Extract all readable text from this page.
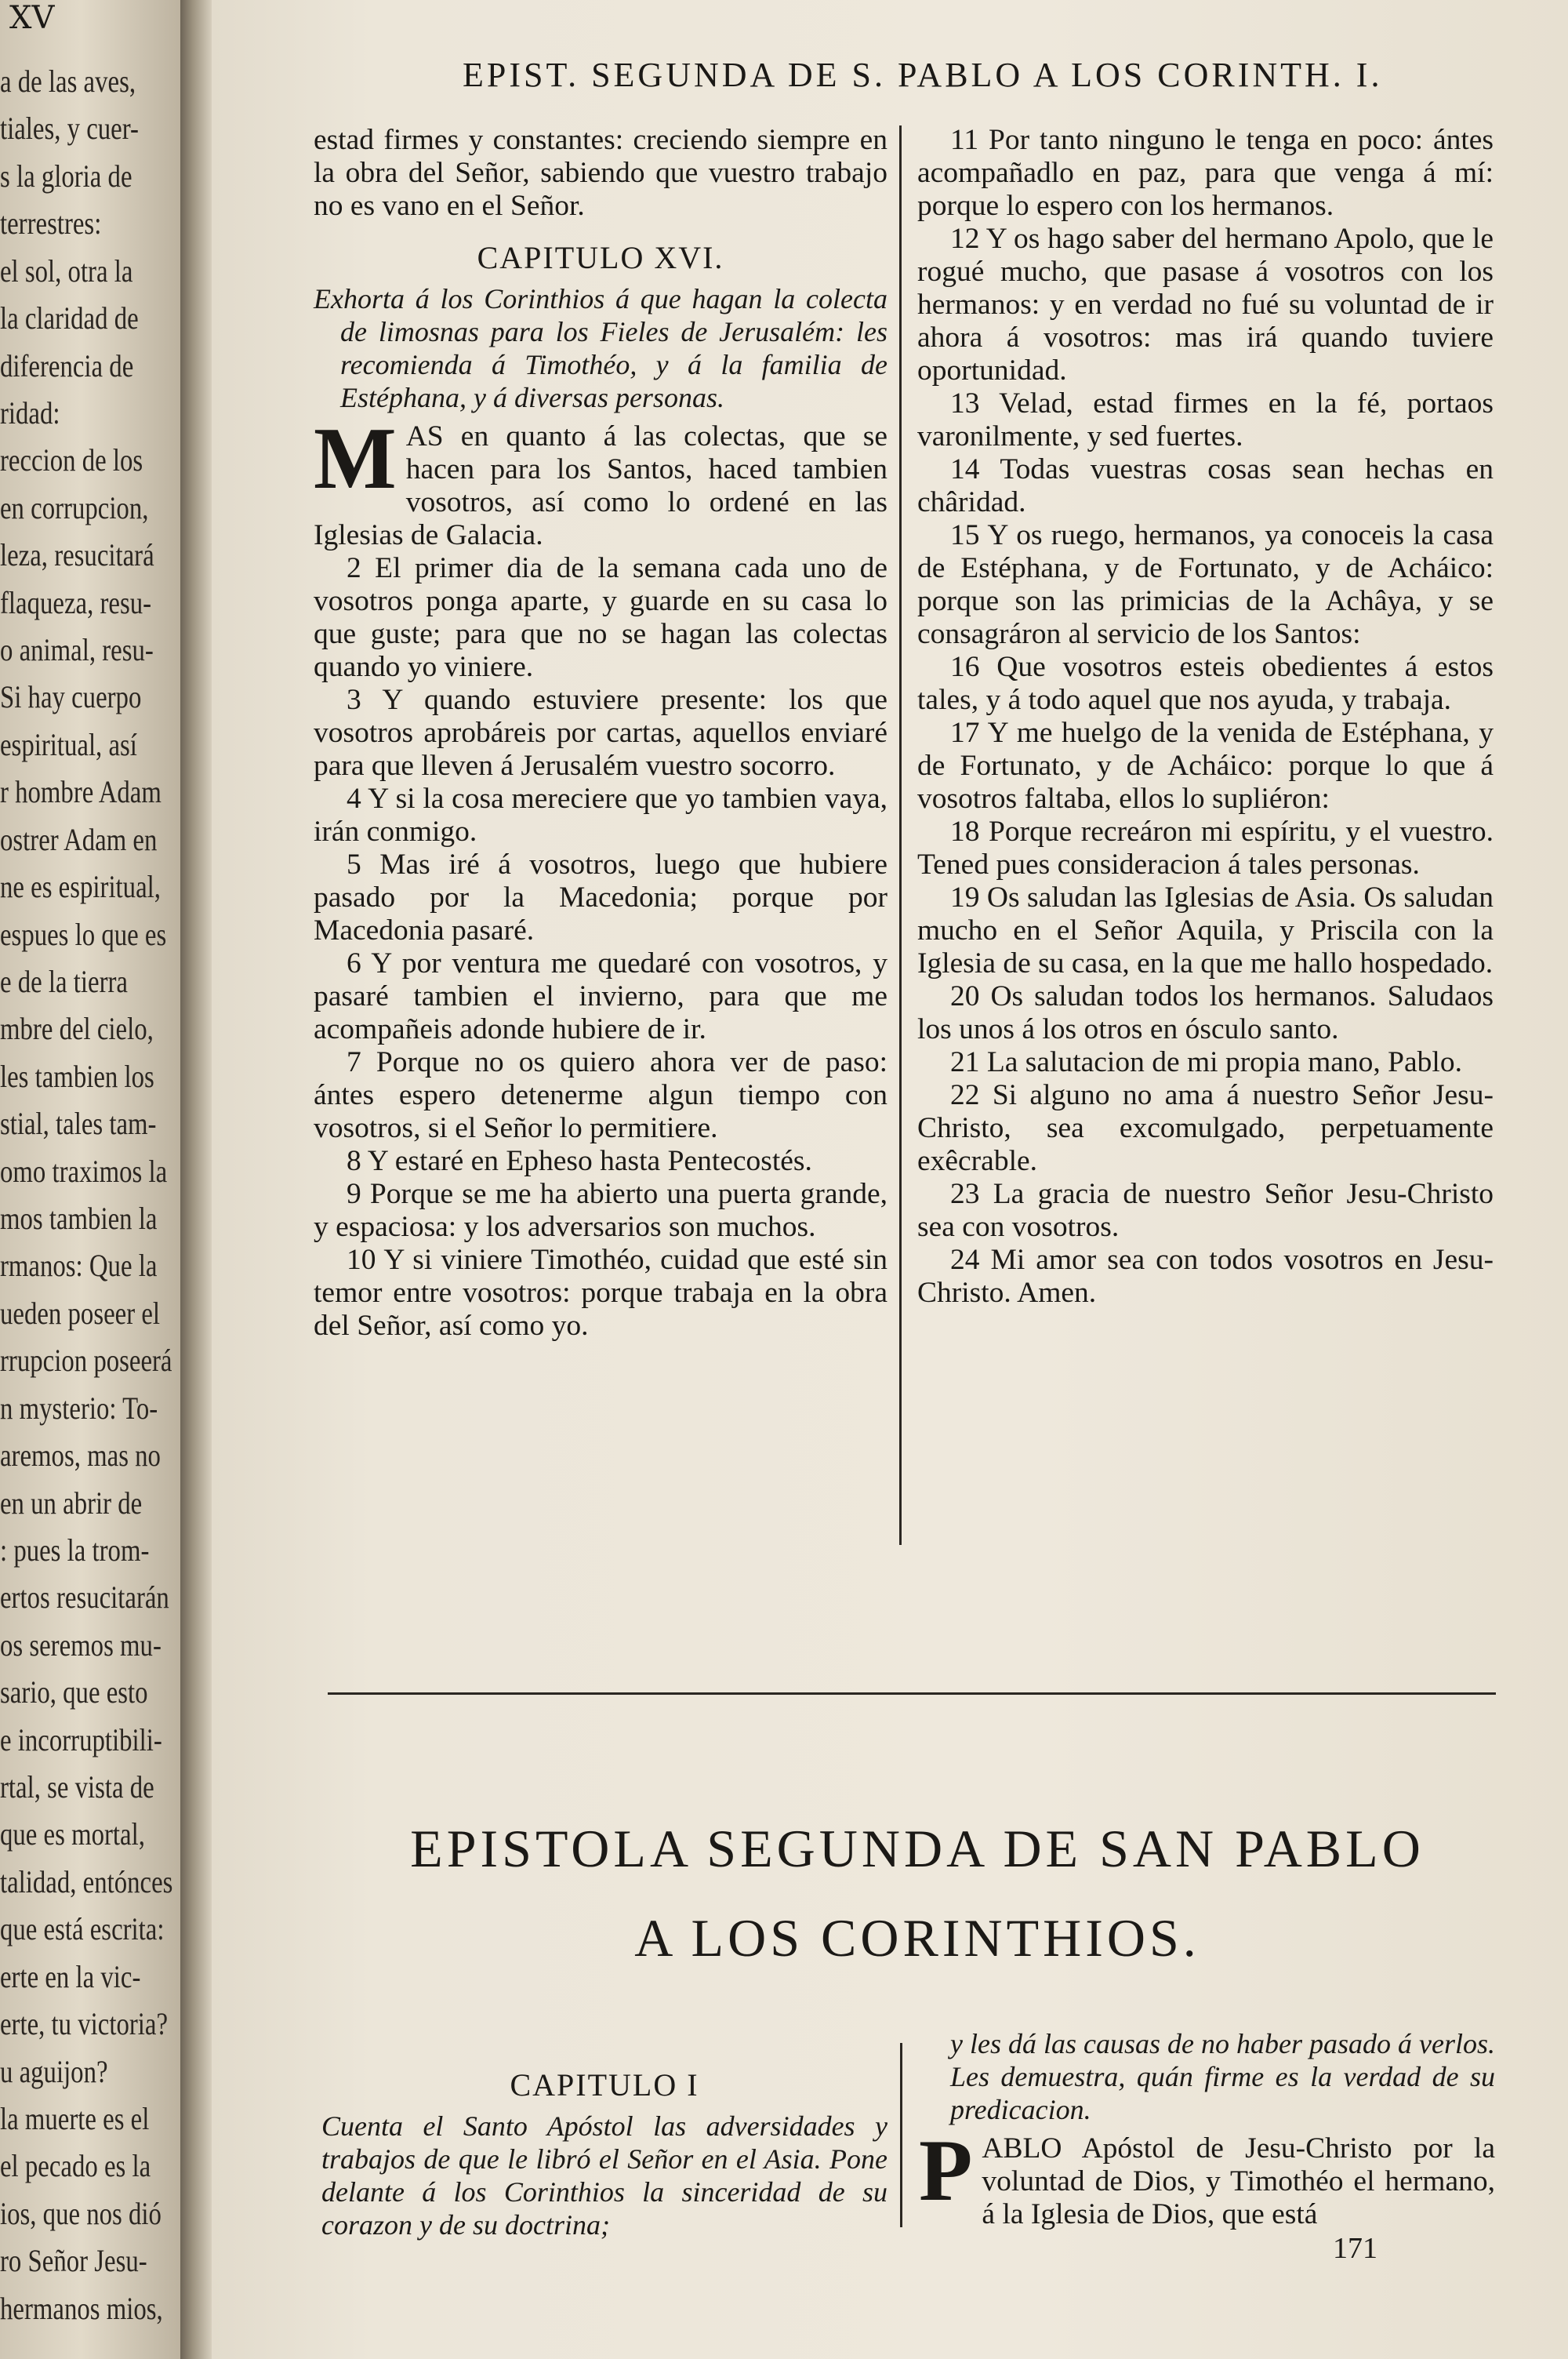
XV
a de las aves,
tiales, y cuer-
s la gloria de
terrestres:
el sol, otra la
la claridad de
diferencia de
ridad:
reccion de los
en corrupcion,
leza, resucitará
flaqueza, resu-
o animal, resu-
Si hay cuerpo
espiritual, así
r hombre Adam
ostrer Adam en
ne es espiritual,
espues lo que es
e de la tierra
mbre del cielo,
les tambien los
stial, tales tam-
omo traximos la
mos tambien la
rmanos: Que la
ueden poseer el
rrupcion poseerá
n mysterio: To-
aremos, mas no
en un abrir de
: pues la trom-
ertos resucitarán
os seremos mu-
sario, que esto
e incorruptibili-
rtal, se vista de
que es mortal,
talidad, entónces
que está escrita:
erte en la vic-
erte, tu victoria?
u aguijon?
la muerte es el
el pecado es la
ios, que nos dió
ro Señor Jesu-
hermanos mios,
EPIST. SEGUNDA DE S. PABLO A LOS CORINTH. I.

estad firmes y constantes: creciendo siempre en la obra del Señor, sabiendo que vuestro trabajo no es vano en el Señor.

CAPITULO XVI.

Exhorta á los Corinthios á que hagan la colecta de limosnas para los Fieles de Jerusalém: les recomienda á Timothéo, y á la familia de Estéphana, y á diversas personas.

MAS en quanto á las colectas, que se hacen para los Santos, haced tambien vosotros, así como lo ordené en las Iglesias de Galacia.

2 El primer dia de la semana cada uno de vosotros ponga aparte, y guarde en su casa lo que guste; para que no se hagan las colectas quando yo viniere.

3 Y quando estuviere presente: los que vosotros aprobáreis por cartas, aquellos enviaré para que lleven á Jerusalém vuestro socorro.

4 Y si la cosa mereciere que yo tambien vaya, irán conmigo.

5 Mas iré á vosotros, luego que hubiere pasado por la Macedonia; porque por Macedonia pasaré.

6 Y por ventura me quedaré con vosotros, y pasaré tambien el invierno, para que me acompañeis adonde hubiere de ir.

7 Porque no os quiero ahora ver de paso: ántes espero detenerme algun tiempo con vosotros, si el Señor lo permitiere.

8 Y estaré en Epheso hasta Pentecostés.

9 Porque se me ha abierto una puerta grande, y espaciosa: y los adversarios son muchos.

10 Y si viniere Timothéo, cuidad que esté sin temor entre vosotros: porque trabaja en la obra del Señor, así como yo.

11 Por tanto ninguno le tenga en poco: ántes acompañadlo en paz, para que venga á mí: porque lo espero con los hermanos.

12 Y os hago saber del hermano Apolo, que le rogué mucho, que pasase á vosotros con los hermanos: y en verdad no fué su voluntad de ir ahora á vosotros: mas irá quando tuviere oportunidad.

13 Velad, estad firmes en la fé, portaos varonilmente, y sed fuertes.

14 Todas vuestras cosas sean hechas en châridad.

15 Y os ruego, hermanos, ya conoceis la casa de Estéphana, y de Fortunato, y de Acháico: porque son las primicias de la Achâya, y se consagráron al servicio de los Santos:

16 Que vosotros esteis obedientes á estos tales, y á todo aquel que nos ayuda, y trabaja.

17 Y me huelgo de la venida de Estéphana, y de Fortunato, y de Acháico: porque lo que á vosotros faltaba, ellos lo supliéron:

18 Porque recreáron mi espíritu, y el vuestro. Tened pues consideracion á tales personas.

19 Os saludan las Iglesias de Asia. Os saludan mucho en el Señor Aquila, y Priscila con la Iglesia de su casa, en la que me hallo hospedado.

20 Os saludan todos los hermanos. Saludaos los unos á los otros en ósculo santo.

21 La salutacion de mi propia mano, Pablo.

22 Si alguno no ama á nuestro Señor Jesu-Christo, sea excomulgado, perpetuamente exêcrable.

23 La gracia de nuestro Señor Jesu-Christo sea con vosotros.

24 Mi amor sea con todos vosotros en Jesu-Christo. Amen.

EPISTOLA SEGUNDA DE SAN PABLO
A LOS CORINTHIOS.
CAPITULO I

Cuenta el Santo Apóstol las adversidades y trabajos de que le libró el Señor en el Asia. Pone delante á los Corinthios la sinceridad de su corazon y de su doctrina;

y les dá las causas de no haber pasado á verlos. Les demuestra, quán firme es la verdad de su predicacion.

PABLO Apóstol de Jesu-Christo por la voluntad de Dios, y Timothéo el hermano, á la Iglesia de Dios, que está

171
